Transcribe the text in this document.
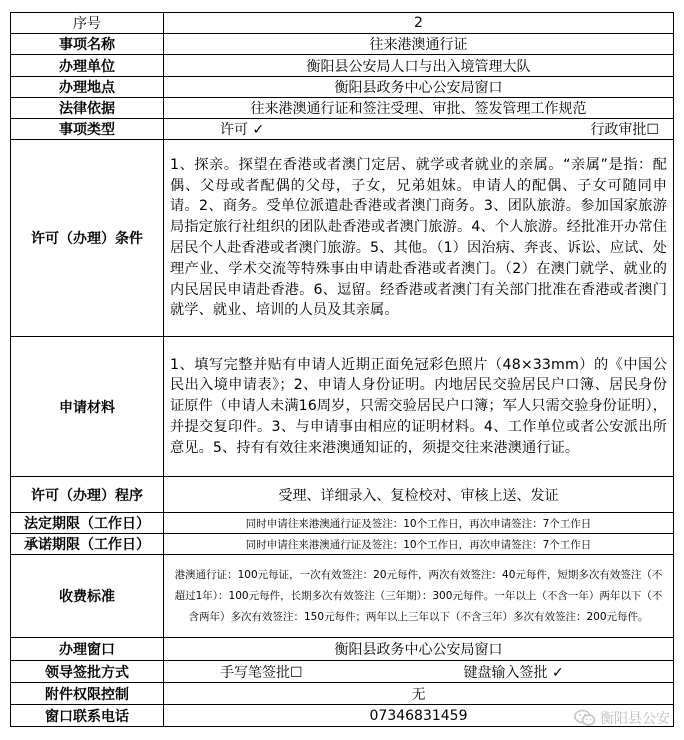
序号	2
事项名称	往来港澳通行证
办理单位	衡阳县公安局人口与出入境管理大队
办理地点	衡阳县政务中心公安局窗口
法律依据	往来港澳通行证和签注受理、审批、签发管理工作规范
事项类型	许可 ✓ 行政审批☐

许可（办理）条件	1、探亲。探望在香港或者澳门定居、就学或者就业的亲属。“亲属”是指：配偶、父母或者配偶的父母，子女，兄弟姐妹。申请人的配偶、子女可随同申请。2、商务。受单位派遣赴香港或者澳门商务。3、团队旅游。参加国家旅游局指定旅行社组织的团队赴香港或者澳门旅游。4、个人旅游。经批准开办常住居民个人赴香港或者澳门旅游。5、其他。（1）因治病、奔丧、诉讼、应试、处理产业、学术交流等特殊事由申请赴香港或者澳门。（2）在澳门就学、就业的内民居民申请赴香港。6、逗留。经香港或者澳门有关部门批准在香港或者澳门就学、就业、培训的人员及其亲属。
申请材料	1、填写完整并贴有申请人近期正面免冠彩色照片（48×33mm）的《中国公民出入境申请表》；2、申请人身份证明。内地居民交验居民户口簿、居民身份证原件（申请人未满16周岁，只需交验居民户口簿；军人只需交验身份证明），并提交复印件。3、与申请事由相应的证明材料。4、工作单位或者公安派出所意见。5、持有有效往来港澳通知证的，须提交往来港澳通行证。
许可（办理）程序	受理、详细录入、复检校对、审核上送、发证
法定期限（工作日）	同时申请往来港澳通行证及签注：10个工作日，再次申请签注：7个工作日
承诺期限（工作日）	同时申请往来港澳通行证及签注：10个工作日，再次申请签注：7个工作日
收费标准	港澳通行证：100元每证，一次有效签注：20元每件，两次有效签注：40元每件，短期多次有效签注（不超过1年）：100元每件，长期多次有效签注（三年期）：300元每件。一年以上（不含一年）两年以下（不含两年）多次有效签注：150元每件；两年以上三年以下（不含三年）多次有效签注：200元每件。
办理窗口	衡阳县政务中心公安局窗口
领导签批方式	手写笔签批☐ 键盘输入签批 ✓

附件权限控制	无
窗口联系电话	07346831459	衡阳县公安
